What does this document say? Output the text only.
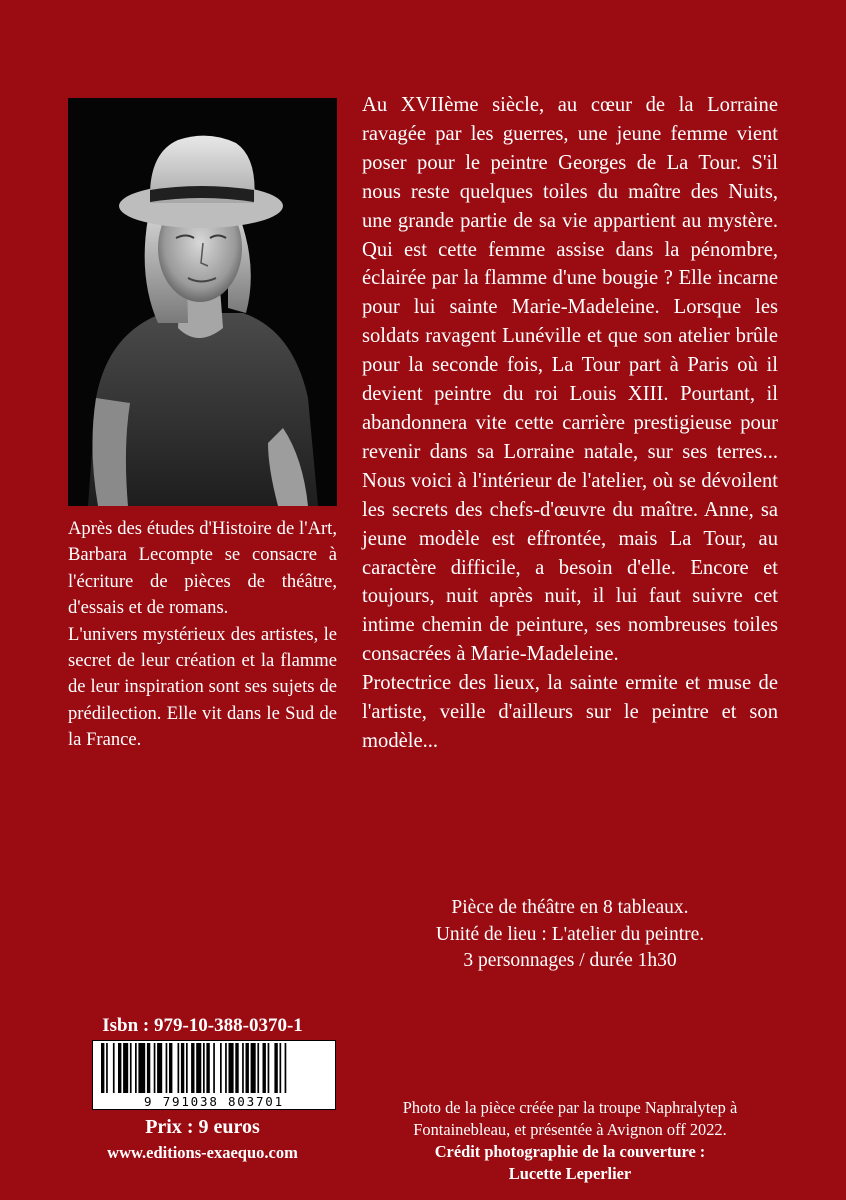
Après des études d'Histoire de l'Art, Barbara Lecompte se consacre à l'écriture de pièces de théâtre, d'essais et de romans.

L'univers mystérieux des artistes, le secret de leur création et la flamme de leur inspiration sont ses sujets de prédilection. Elle vit dans le Sud de la France.

Au XVIIème siècle, au cœur de la Lorraine ravagée par les guerres, une jeune femme vient poser pour le peintre Georges de La Tour. S'il nous reste quelques toiles du maître des Nuits, une grande partie de sa vie appartient au mystère. Qui est cette femme assise dans la pénombre, éclairée par la flamme d'une bougie ? Elle incarne pour lui sainte Marie-Madeleine. Lorsque les soldats ravagent Lunéville et que son atelier brûle pour la seconde fois, La Tour part à Paris où il devient peintre du roi Louis XIII. Pourtant, il abandonnera vite cette carrière prestigieuse pour revenir dans sa Lorraine natale, sur ses terres... Nous voici à l'intérieur de l'atelier, où se dévoilent les secrets des chefs-d'œuvre du maître. Anne, sa jeune modèle est effrontée, mais La Tour, au caractère difficile, a besoin d'elle. Encore et toujours, nuit après nuit, il lui faut suivre cet intime chemin de peinture, ses nombreuses toiles consacrées à Marie-Madeleine.

Protectrice des lieux, la sainte ermite et muse de l'artiste, veille d'ailleurs sur le peintre et son modèle...

Pièce de théâtre en 8 tableaux.

Unité de lieu : L'atelier du peintre.

3 personnages / durée 1h30

Isbn : 979-10-388-0370-1
9 791038 803701
Prix : 9 euros
www.editions-exaequo.com

Photo de la pièce créée par la troupe Naphralytep à Fontainebleau, et présentée à Avignon off 2022.

Crédit photographie de la couverture :

Lucette Leperlier
